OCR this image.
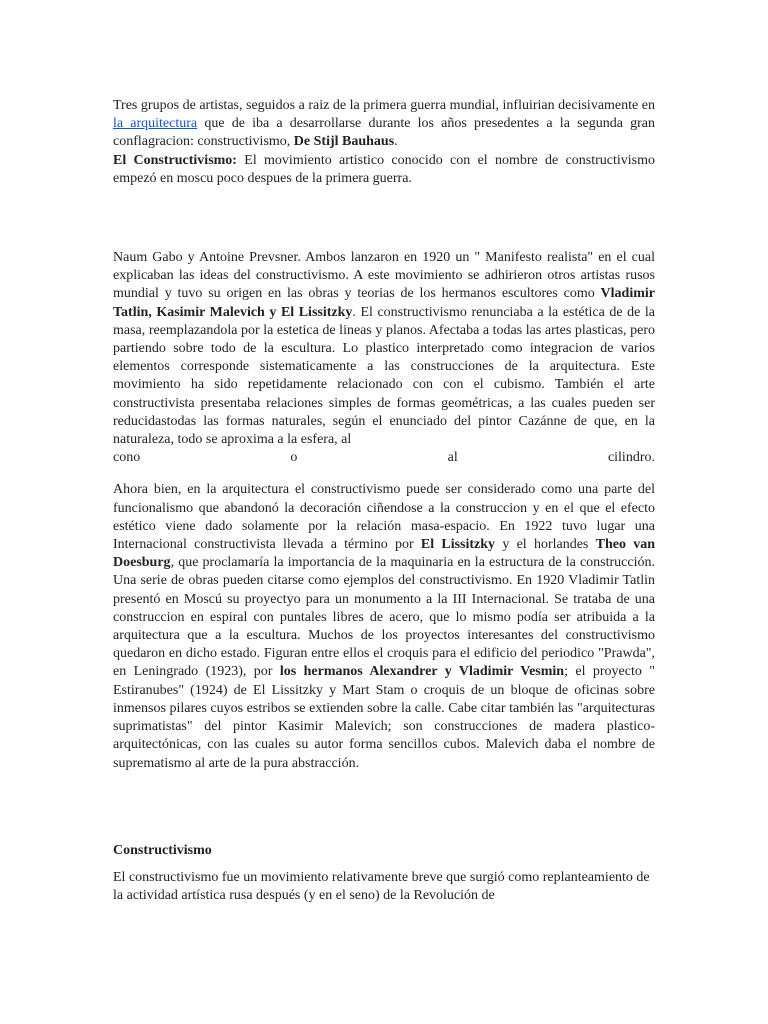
Tres grupos de artistas, seguidos a raiz de la primera guerra mundial, influirian decisivamente en la arquitectura que de iba a desarrollarse durante los años presedentes a la segunda gran conflagracion: constructivismo, De Stijl Bauhaus.
El Constructivismo: El movimiento artistico conocido con el nombre de constructivismo empezó en moscu poco despues de la primera guerra.

Naum Gabo y Antoine Prevsner. Ambos lanzaron en 1920 un " Manifesto realista" en el cual explicaban las ideas del constructivismo. A este movimiento se adhirieron otros artistas rusos mundial y tuvo su origen en las obras y teorias de los hermanos escultores como Vladimir Tatlin, Kasimir Malevich y El Lissitzky. El constructivismo renunciaba a la estética de de la masa, reemplazandola por la estetica de lineas y planos. Afectaba a todas las artes plasticas, pero partiendo sobre todo de la escultura. Lo plastico interpretado como integracion de varios elementos corresponde sistematicamente a las construcciones de la arquitectura. Este movimiento ha sido repetidamente relacionado con con el cubismo. También el arte constructivista presentaba relaciones simples de formas geométricas, a las cuales pueden ser reducidastodas las formas naturales, según el enunciado del pintor Cazánne de que, en la naturaleza, todo se aproxima a la esfera, al

cono o al cilindro.

Ahora bien, en la arquitectura el constructivismo puede ser considerado como una parte del funcionalismo que abandonó la decoración ciñendose a la construccion y en el que el efecto estético viene dado solamente por la relación masa-espacio. En 1922 tuvo lugar una Internacional constructivista llevada a término por El Lissitzky y el horlandes Theo van Doesburg, que proclamaría la importancia de la maquinaria en la estructura de la construcción. Una serie de obras pueden citarse como ejemplos del constructivismo. En 1920 Vladimir Tatlin presentó en Moscú su proyectyo para un monumento a la III Internacional. Se trataba de una construccion en espiral con puntales libres de acero, que lo mismo podía ser atribuida a la arquitectura que a la escultura. Muchos de los proyectos interesantes del constructivismo quedaron en dicho estado. Figuran entre ellos el croquis para el edificio del periodico "Prawda", en Leningrado (1923), por los hermanos Alexandrer y Vladimir Vesmin; el proyecto " Estiranubes" (1924) de El Lissitzky y Mart Stam o croquis de un bloque de oficinas sobre inmensos pilares cuyos estribos se extienden sobre la calle. Cabe citar también las "arquitecturas suprimatistas" del pintor Kasimir Malevich; son construcciones de madera plastico-arquitectónicas, con las cuales su autor forma sencillos cubos. Malevich daba el nombre de suprematismo al arte de la pura abstracción.

Constructivismo

El constructivismo fue un movimiento relativamente breve que surgió como replanteamiento de la actividad artística rusa después (y en el seno) de la Revolución de
